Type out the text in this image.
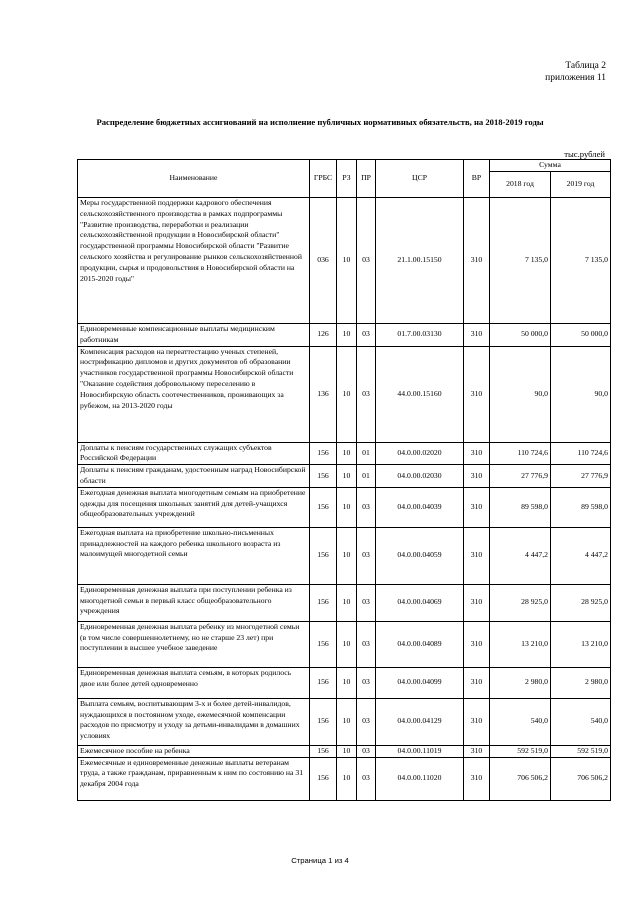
Таблица 2
приложения 11
Распределение бюджетных ассигнований на исполнение публичных нормативных обязательств, на 2018-2019 годы
тыс.рублей
Наименование	ГРБС	РЗ	ПР	ЦСР	ВР	Сумма	
						2018 год	2019 год
Меры государственной поддержки кадрового обеспечения сельскохозяйственного производства в рамках подпрограммы "Развитие производства, переработки и реализации сельскохозяйственной продукции в Новосибирской области" государственной программы Новосибирской области "Развитие сельского хозяйства и регулирование рынков сельскохозяйственной продукции, сырья и продовольствия в Новосибирской области на 2015-2020 годы"	036	10	03	21.1.00.15150	310	7 135,0	7 135,0
Единовременные компенсационные выплаты медицинским работникам	126	10	03	01.7.00.03130	310	50 000,0	50 000,0
Компенсация расходов на переаттестацию ученых степеней, нострификацию дипломов и других документов об образовании участников государственной программы Новосибирской области "Оказание содействия добровольному переселению в Новосибирскую область соотечественников, проживающих за рубежом, на 2013-2020 годы	136	10	03	44.0.00.15160	310	90,0	90,0
Доплаты к пенсиям государственных служащих субъектов Российской Федерации	156	10	01	04.0.00.02020	310	110 724,6	110 724,6
Доплаты к пенсиям гражданам, удостоенным наград Новосибирской области	156	10	01	04.0.00.02030	310	27 776,9	27 776,9
Ежегодная денежная выплата многодетным семьям на приобретение одежды для посещения школьных занятий для детей-учащихся общеобразовательных учреждений	156	10	03	04.0.00.04039	310	89 598,0	89 598,0
Ежегодная выплата на приобретение школьно-письменных принадлежностей на каждого ребенка школьного возраста из малоимущей многодетной семьи	156	10	03	04.0.00.04059	310	4 447,2	4 447,2
Единовременная денежная выплата при поступлении ребенка из многодетной семьи в первый класс общеобразовательного учреждения	156	10	03	04.0.00.04069	310	28 925,0	28 925,0
Единовременная денежная выплата ребенку из многодетной семьи (в том числе совершеннолетнему, но не старше 23 лет) при поступлении в высшее учебное заведение	156	10	03	04.0.00.04089	310	13 210,0	13 210,0
Единовременная денежная выплата семьям, в которых родилось двое или более детей одновременно	156	10	03	04.0.00.04099	310	2 980,0	2 980,0
Выплата семьям, воспитывающим 3-х и более детей-инвалидов, нуждающихся в постоянном уходе, ежемесячной компенсации расходов по присмотру и уходу за детьми-инвалидами в домашних условиях	156	10	03	04.0.00.04129	310	540,0	540,0
Ежемесячное пособие на ребенка	156	10	03	04.0.00.11019	310	592 519,0	592 519,0
Ежемесячные и единовременные денежные выплаты ветеранам труда, а также гражданам, приравненным к ним по состоянию на 31 декабря 2004 года	156	10	03	04.0.00.11020	310	706 506,2	706 506,2
Страница 1 из 4
